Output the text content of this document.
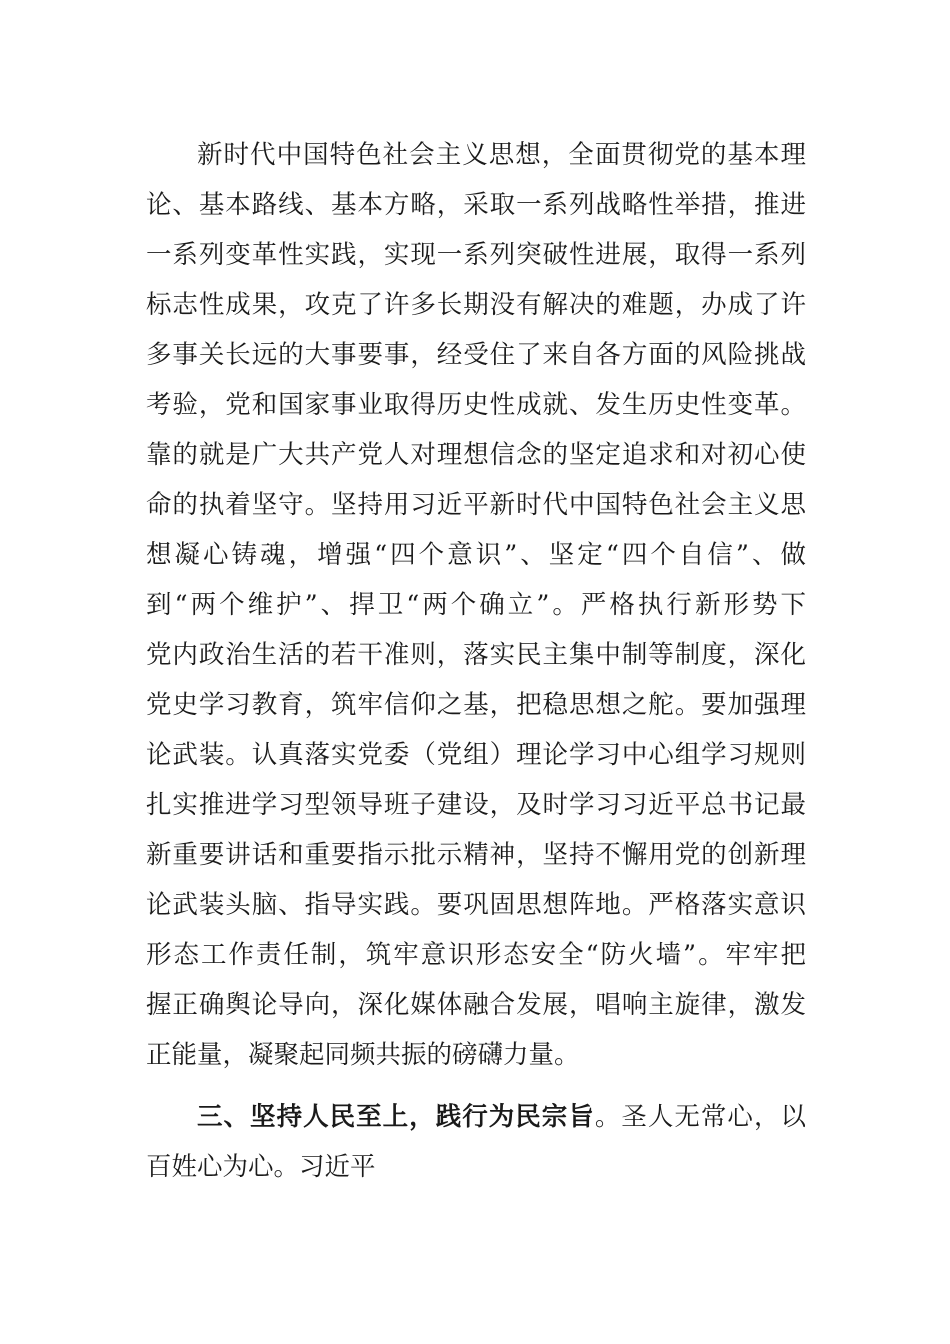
新时代中国特色社会主义思想，全面贯彻党的基本理
论、基本路线、基本方略，采取一系列战略性举措，推进
一系列变革性实践，实现一系列突破性进展，取得一系列
标志性成果，攻克了许多长期没有解决的难题，办成了许
多事关长远的大事要事，经受住了来自各方面的风险挑战
考验，党和国家事业取得历史性成就、发生历史性变革。
靠的就是广大共产党人对理想信念的坚定追求和对初心使
命的执着坚守。坚持用习近平新时代中国特色社会主义思
想凝心铸魂，增强“四个意识”、坚定“四个自信”、做
到“两个维护”、捍卫“两个确立”。严格执行新形势下
党内政治生活的若干准则，落实民主集中制等制度，深化
党史学习教育，筑牢信仰之基，把稳思想之舵。要加强理
论武装。认真落实党委（党组）理论学习中心组学习规则
扎实推进学习型领导班子建设，及时学习习近平总书记最
新重要讲话和重要指示批示精神，坚持不懈用党的创新理
论武装头脑、指导实践。要巩固思想阵地。严格落实意识
形态工作责任制，筑牢意识形态安全“防火墙”。牢牢把
握正确舆论导向，深化媒体融合发展，唱响主旋律，激发
正能量，凝聚起同频共振的磅礴力量。
三、坚持人民至上，践行为民宗旨。圣人无常心，以
百姓心为心。习近平
